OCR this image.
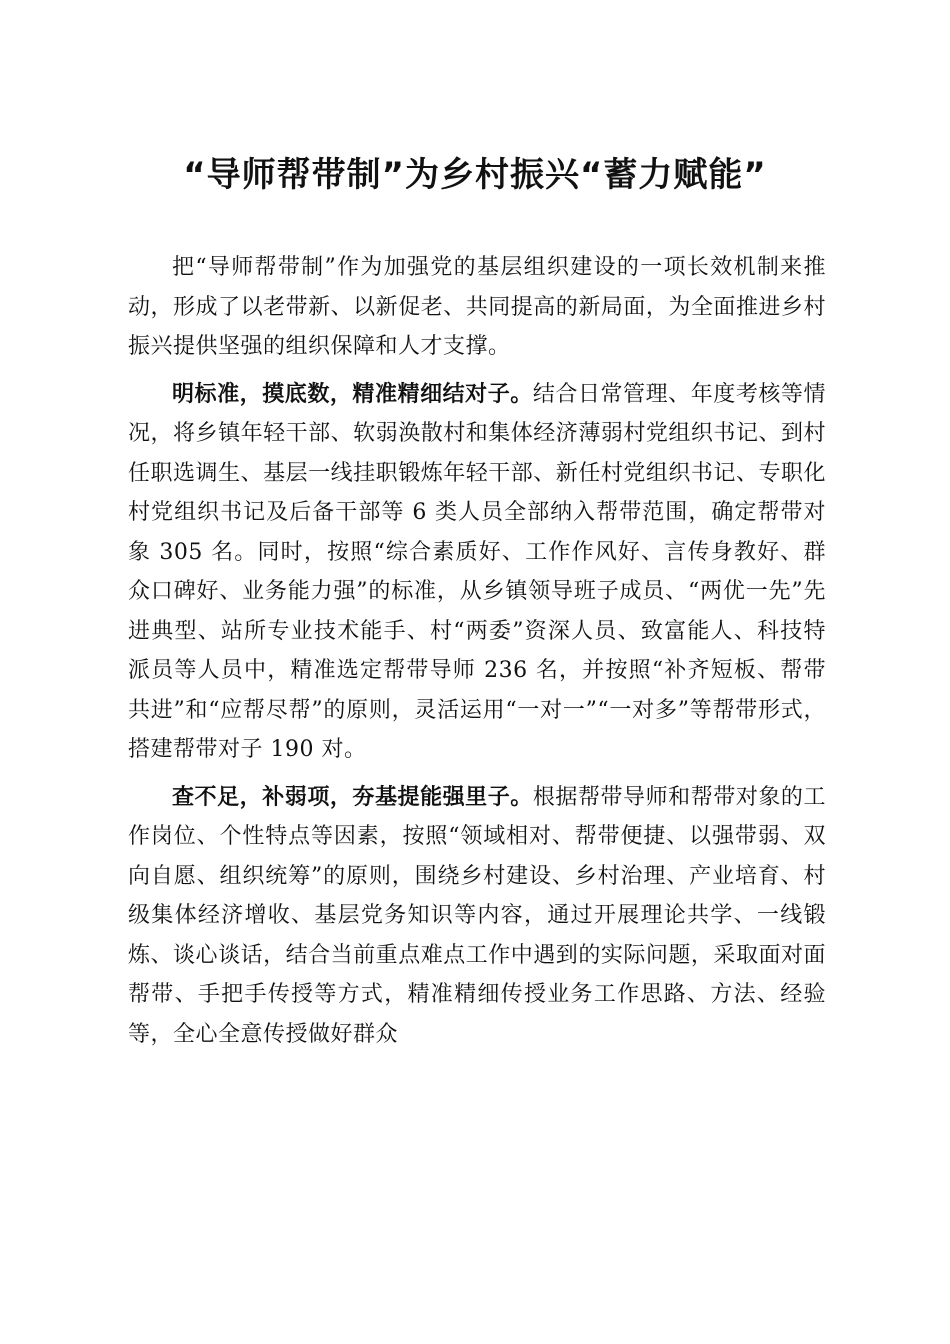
“导师帮带制”为乡村振兴“蓄力赋能”

把“导师帮带制”作为加强党的基层组织建设的一项长效机制来推动，形成了以老带新、以新促老、共同提高的新局面，为全面推进乡村振兴提供坚强的组织保障和人才支撑。

明标准，摸底数，精准精细结对子。结合日常管理、年度考核等情况，将乡镇年轻干部、软弱涣散村和集体经济薄弱村党组织书记、到村任职选调生、基层一线挂职锻炼年轻干部、新任村党组织书记、专职化村党组织书记及后备干部等 6 类人员全部纳入帮带范围，确定帮带对象 305 名。同时，按照“综合素质好、工作作风好、言传身教好、群众口碑好、业务能力强”的标准，从乡镇领导班子成员、“两优一先”先进典型、站所专业技术能手、村“两委”资深人员、致富能人、科技特派员等人员中，精准选定帮带导师 236 名，并按照“补齐短板、帮带共进”和“应帮尽帮”的原则，灵活运用“一对一”“一对多”等帮带形式，搭建帮带对子 190 对。

查不足，补弱项，夯基提能强里子。根据帮带导师和帮带对象的工作岗位、个性特点等因素，按照“领域相对、帮带便捷、以强带弱、双向自愿、组织统筹”的原则，围绕乡村建设、乡村治理、产业培育、村级集体经济增收、基层党务知识等内容，通过开展理论共学、一线锻炼、谈心谈话，结合当前重点难点工作中遇到的实际问题，采取面对面帮带、手把手传授等方式，精准精细传授业务工作思路、方法、经验等，全心全意传授做好群众
